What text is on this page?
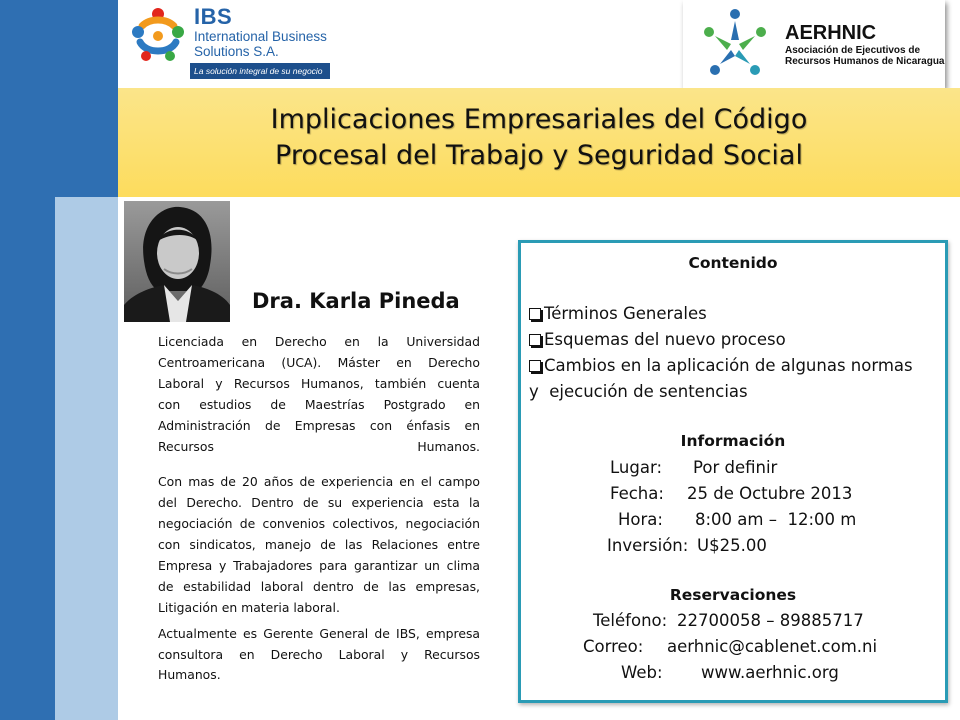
IBS
International Business
Solutions S.A.
La solución integral de su negocio
AERHNIC
Asociación de Ejecutivos de
Recursos Humanos de Nicaragua
Implicaciones Empresariales del Código
Procesal del Trabajo y Seguridad Social
Dra. Karla Pineda
Licenciada en Derecho en la Universidad
Centroamericana (UCA). Máster en Derecho
Laboral y Recursos Humanos, también cuenta
con estudios de Maestrías Postgrado en
Administración de Empresas con énfasis en
Recursos Humanos.
Con mas de 20 años de experiencia en el campo
del Derecho. Dentro de su experiencia esta la
negociación de convenios colectivos, negociación
con sindicatos, manejo de las Relaciones entre
Empresa y Trabajadores para garantizar un clima
de estabilidad laboral dentro de las empresas,
Litigación en materia laboral.
Actualmente es Gerente General de IBS, empresa
consultora en Derecho Laboral y Recursos
Humanos.
Contenido
Términos Generales
Esquemas del nuevo proceso
Cambios en la aplicación de algunas normas
y  ejecución de sentencias
Información
Lugar: Por definir
Fecha: 25 de Octubre 2013
Hora: 8:00 am –  12:00 m
Inversión: U$25.00
Reservaciones
Teléfono: 22700058 – 89885717
Correo: aerhnic@cablenet.com.ni
Web: www.aerhnic.org
